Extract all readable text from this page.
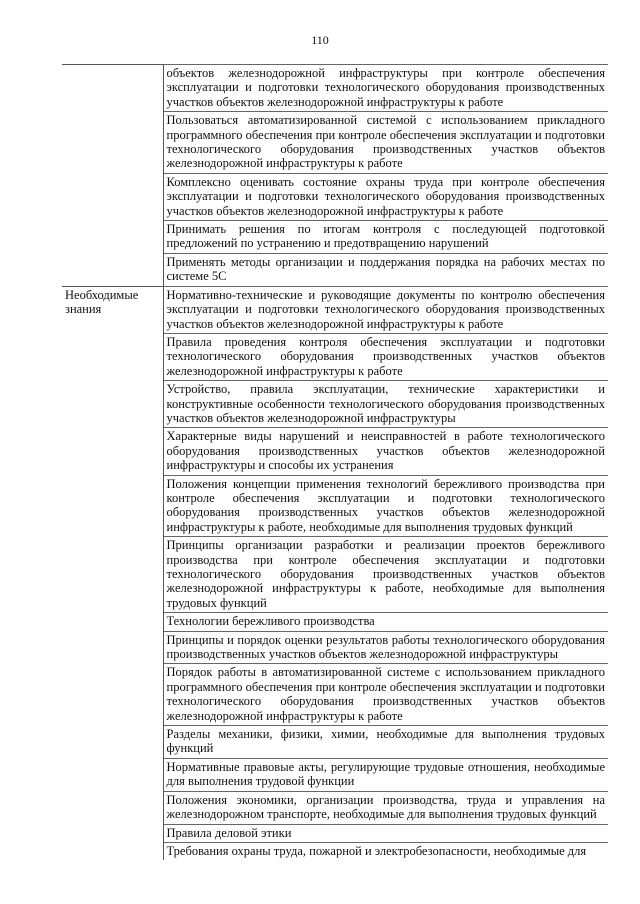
110
	объектов железнодорожной инфраструктуры при контроле обеспечения эксплуатации и подготовки технологического оборудования производственных участков объектов железнодорожной инфраструктуры к работе
	Пользоваться автоматизированной системой с использованием прикладного программного обеспечения при контроле обеспечения эксплуатации и подготовки технологического оборудования производственных участков объектов железнодорожной инфраструктуры к работе
	Комплексно оценивать состояние охраны труда при контроле обеспечения эксплуатации и подготовки технологического оборудования производственных участков объектов железнодорожной инфраструктуры к работе
	Принимать решения по итогам контроля с последующей подготовкой предложений по устранению и предотвращению нарушений
	Применять методы организации и поддержания порядка на рабочих местах по системе 5С
Необходимые знания	Нормативно-технические и руководящие документы по контролю обеспечения эксплуатации и подготовки технологического оборудования производственных участков объектов железнодорожной инфраструктуры к работе
	Правила проведения контроля обеспечения эксплуатации и подготовки технологического оборудования производственных участков объектов железнодорожной инфраструктуры к работе
	Устройство, правила эксплуатации, технические характеристики и конструктивные особенности технологического оборудования производственных участков объектов железнодорожной инфраструктуры
	Характерные виды нарушений и неисправностей в работе технологического оборудования производственных участков объектов железнодорожной инфраструктуры и способы их устранения
	Положения концепции применения технологий бережливого производства при контроле обеспечения эксплуатации и подготовки технологического оборудования производственных участков объектов железнодорожной инфраструктуры к работе, необходимые для выполнения трудовых функций
	Принципы организации разработки и реализации проектов бережливого производства при контроле обеспечения эксплуатации и подготовки технологического оборудования производственных участков объектов железнодорожной инфраструктуры к работе, необходимые для выполнения трудовых функций
	Технологии бережливого производства
	Принципы и порядок оценки результатов работы технологического оборудования производственных участков объектов железнодорожной инфраструктуры
	Порядок работы в автоматизированной системе с использованием прикладного программного обеспечения при контроле обеспечения эксплуатации и подготовки технологического оборудования производственных участков объектов железнодорожной инфраструктуры к работе
	Разделы механики, физики, химии, необходимые для выполнения трудовых функций
	Нормативные правовые акты, регулирующие трудовые отношения, необходимые для выполнения трудовой функции
	Положения экономики, организации производства, труда и управления на железнодорожном транспорте, необходимые для выполнения трудовых функций
	Правила деловой этики
	Требования охраны труда, пожарной и электробезопасности, необходимые для
